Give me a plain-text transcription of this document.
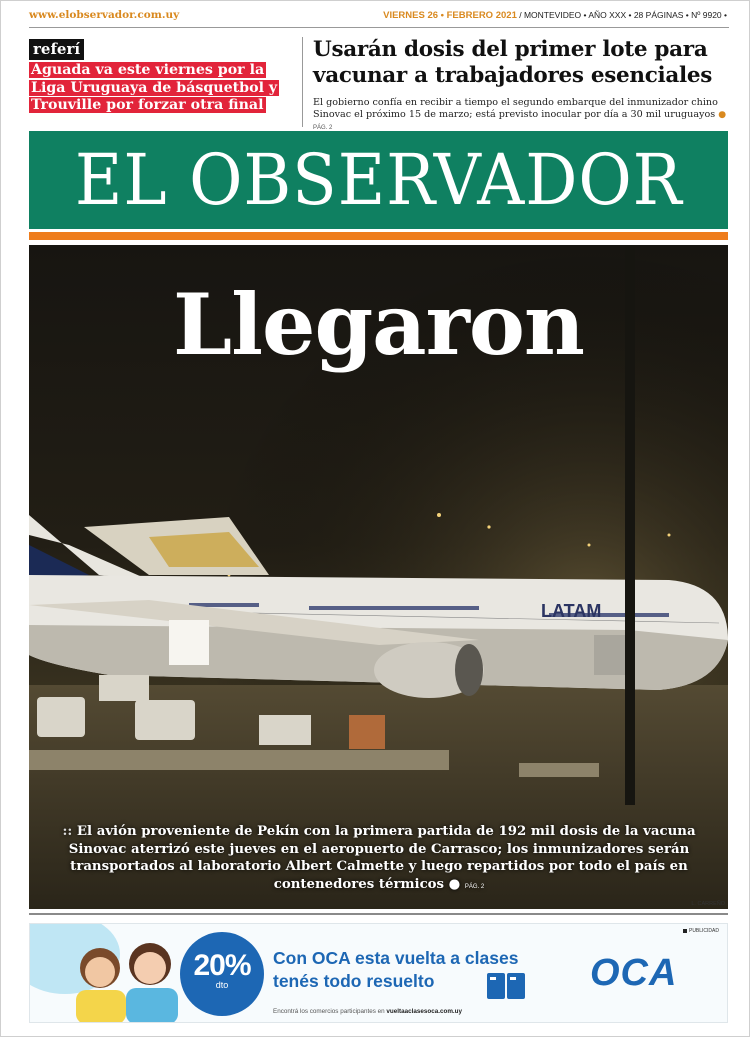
www.elobservador.com.uy	VIERNES 26 • FEBRERO 2021 / MONTEVIDEO • AÑO XXX • 28 PÁGINAS • Nº 9920 •
referí
Aguada va este viernes por la Liga Uruguaya de básquetbol y Trouville por forzar otra final
Usarán dosis del primer lote para vacunar a trabajadores esenciales
El gobierno confía en recibir a tiempo el segundo embarque del inmunizador chino Sinovac el próximo 15 de marzo; está previsto inocular por día a 30 mil uruguayos ● PÁG. 2
EL OBSERVADOR
LATAM
Llegaron
:: El avión proveniente de Pekín con la primera partida de 192 mil dosis de la vacuna Sinovac aterrizó este jueves en el aeropuerto de Carrasco; los inmunizadores serán transportados al laboratorio Albert Calmette y luego repartidos por todo el país en contenedores térmicos ● PÁG. 2
L. CARREÑO
20%
dto
Con OCA esta vuelta a clases
tenés todo resuelto
Encontrá los comercios participantes en vueltaaclasesoca.com.uy
OCA
PUBLICIDAD
